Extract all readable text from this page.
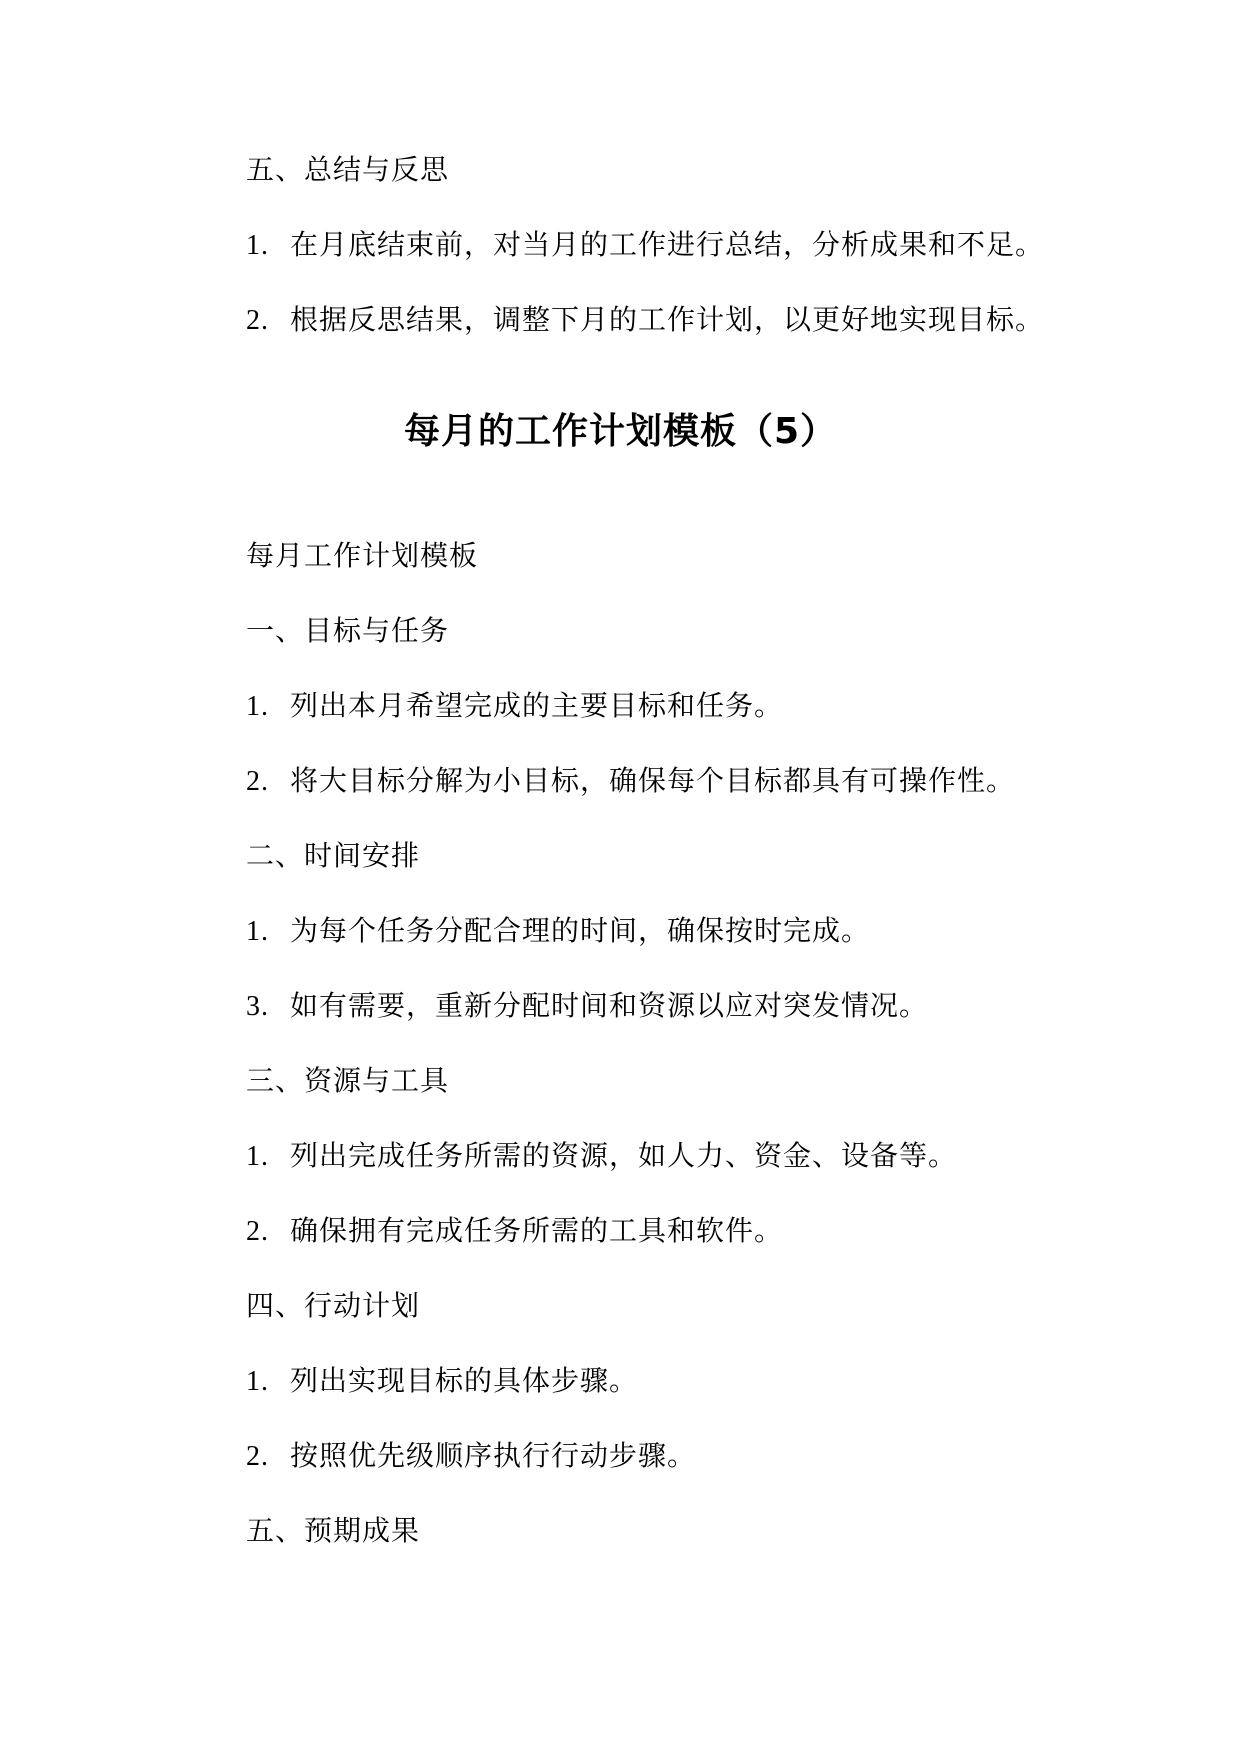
五、总结与反思
1. 在月底结束前，对当月的工作进行总结，分析成果和不足。
2. 根据反思结果，调整下月的工作计划，以更好地实现目标。
每月的工作计划模板（5）
每月工作计划模板
一、目标与任务
1. 列出本月希望完成的主要目标和任务。
2. 将大目标分解为小目标，确保每个目标都具有可操作性。
二、时间安排
1. 为每个任务分配合理的时间，确保按时完成。
3. 如有需要，重新分配时间和资源以应对突发情况。
三、资源与工具
1. 列出完成任务所需的资源，如人力、资金、设备等。
2. 确保拥有完成任务所需的工具和软件。
四、行动计划
1. 列出实现目标的具体步骤。
2. 按照优先级顺序执行行动步骤。
五、预期成果
